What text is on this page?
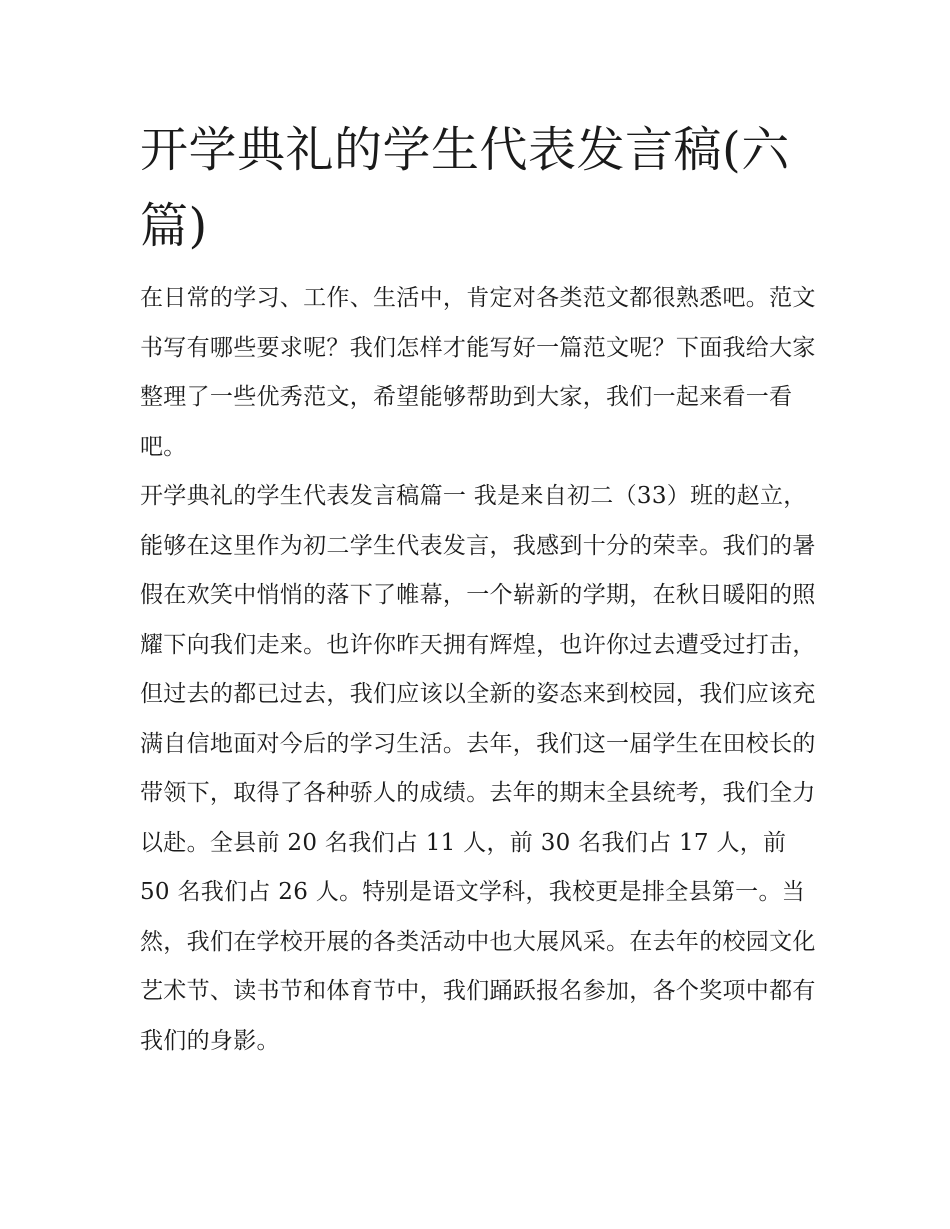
开学典礼的学生代表发言稿(六篇)

在日常的学习、工作、生活中，肯定对各类范文都很熟悉吧。范文书写有哪些要求呢？我们怎样才能写好一篇范文呢？下面我给大家整理了一些优秀范文，希望能够帮助到大家，我们一起来看一看吧。

开学典礼的学生代表发言稿篇一 我是来自初二（33）班的赵立，能够在这里作为初二学生代表发言，我感到十分的荣幸。我们的暑假在欢笑中悄悄的落下了帷幕，一个崭新的学期，在秋日暖阳的照耀下向我们走来。也许你昨天拥有辉煌，也许你过去遭受过打击，但过去的都已过去，我们应该以全新的姿态来到校园，我们应该充满自信地面对今后的学习生活。去年，我们这一届学生在田校长的带领下，取得了各种骄人的成绩。去年的期末全县统考，我们全力以赴。全县前 20 名我们占 11 人，前 30 名我们占 17 人，前 50 名我们占 26 人。特别是语文学科，我校更是排全县第一。当然，我们在学校开展的各类活动中也大展风采。在去年的校园文化艺术节、读书节和体育节中，我们踊跃报名参加，各个奖项中都有我们的身影。
